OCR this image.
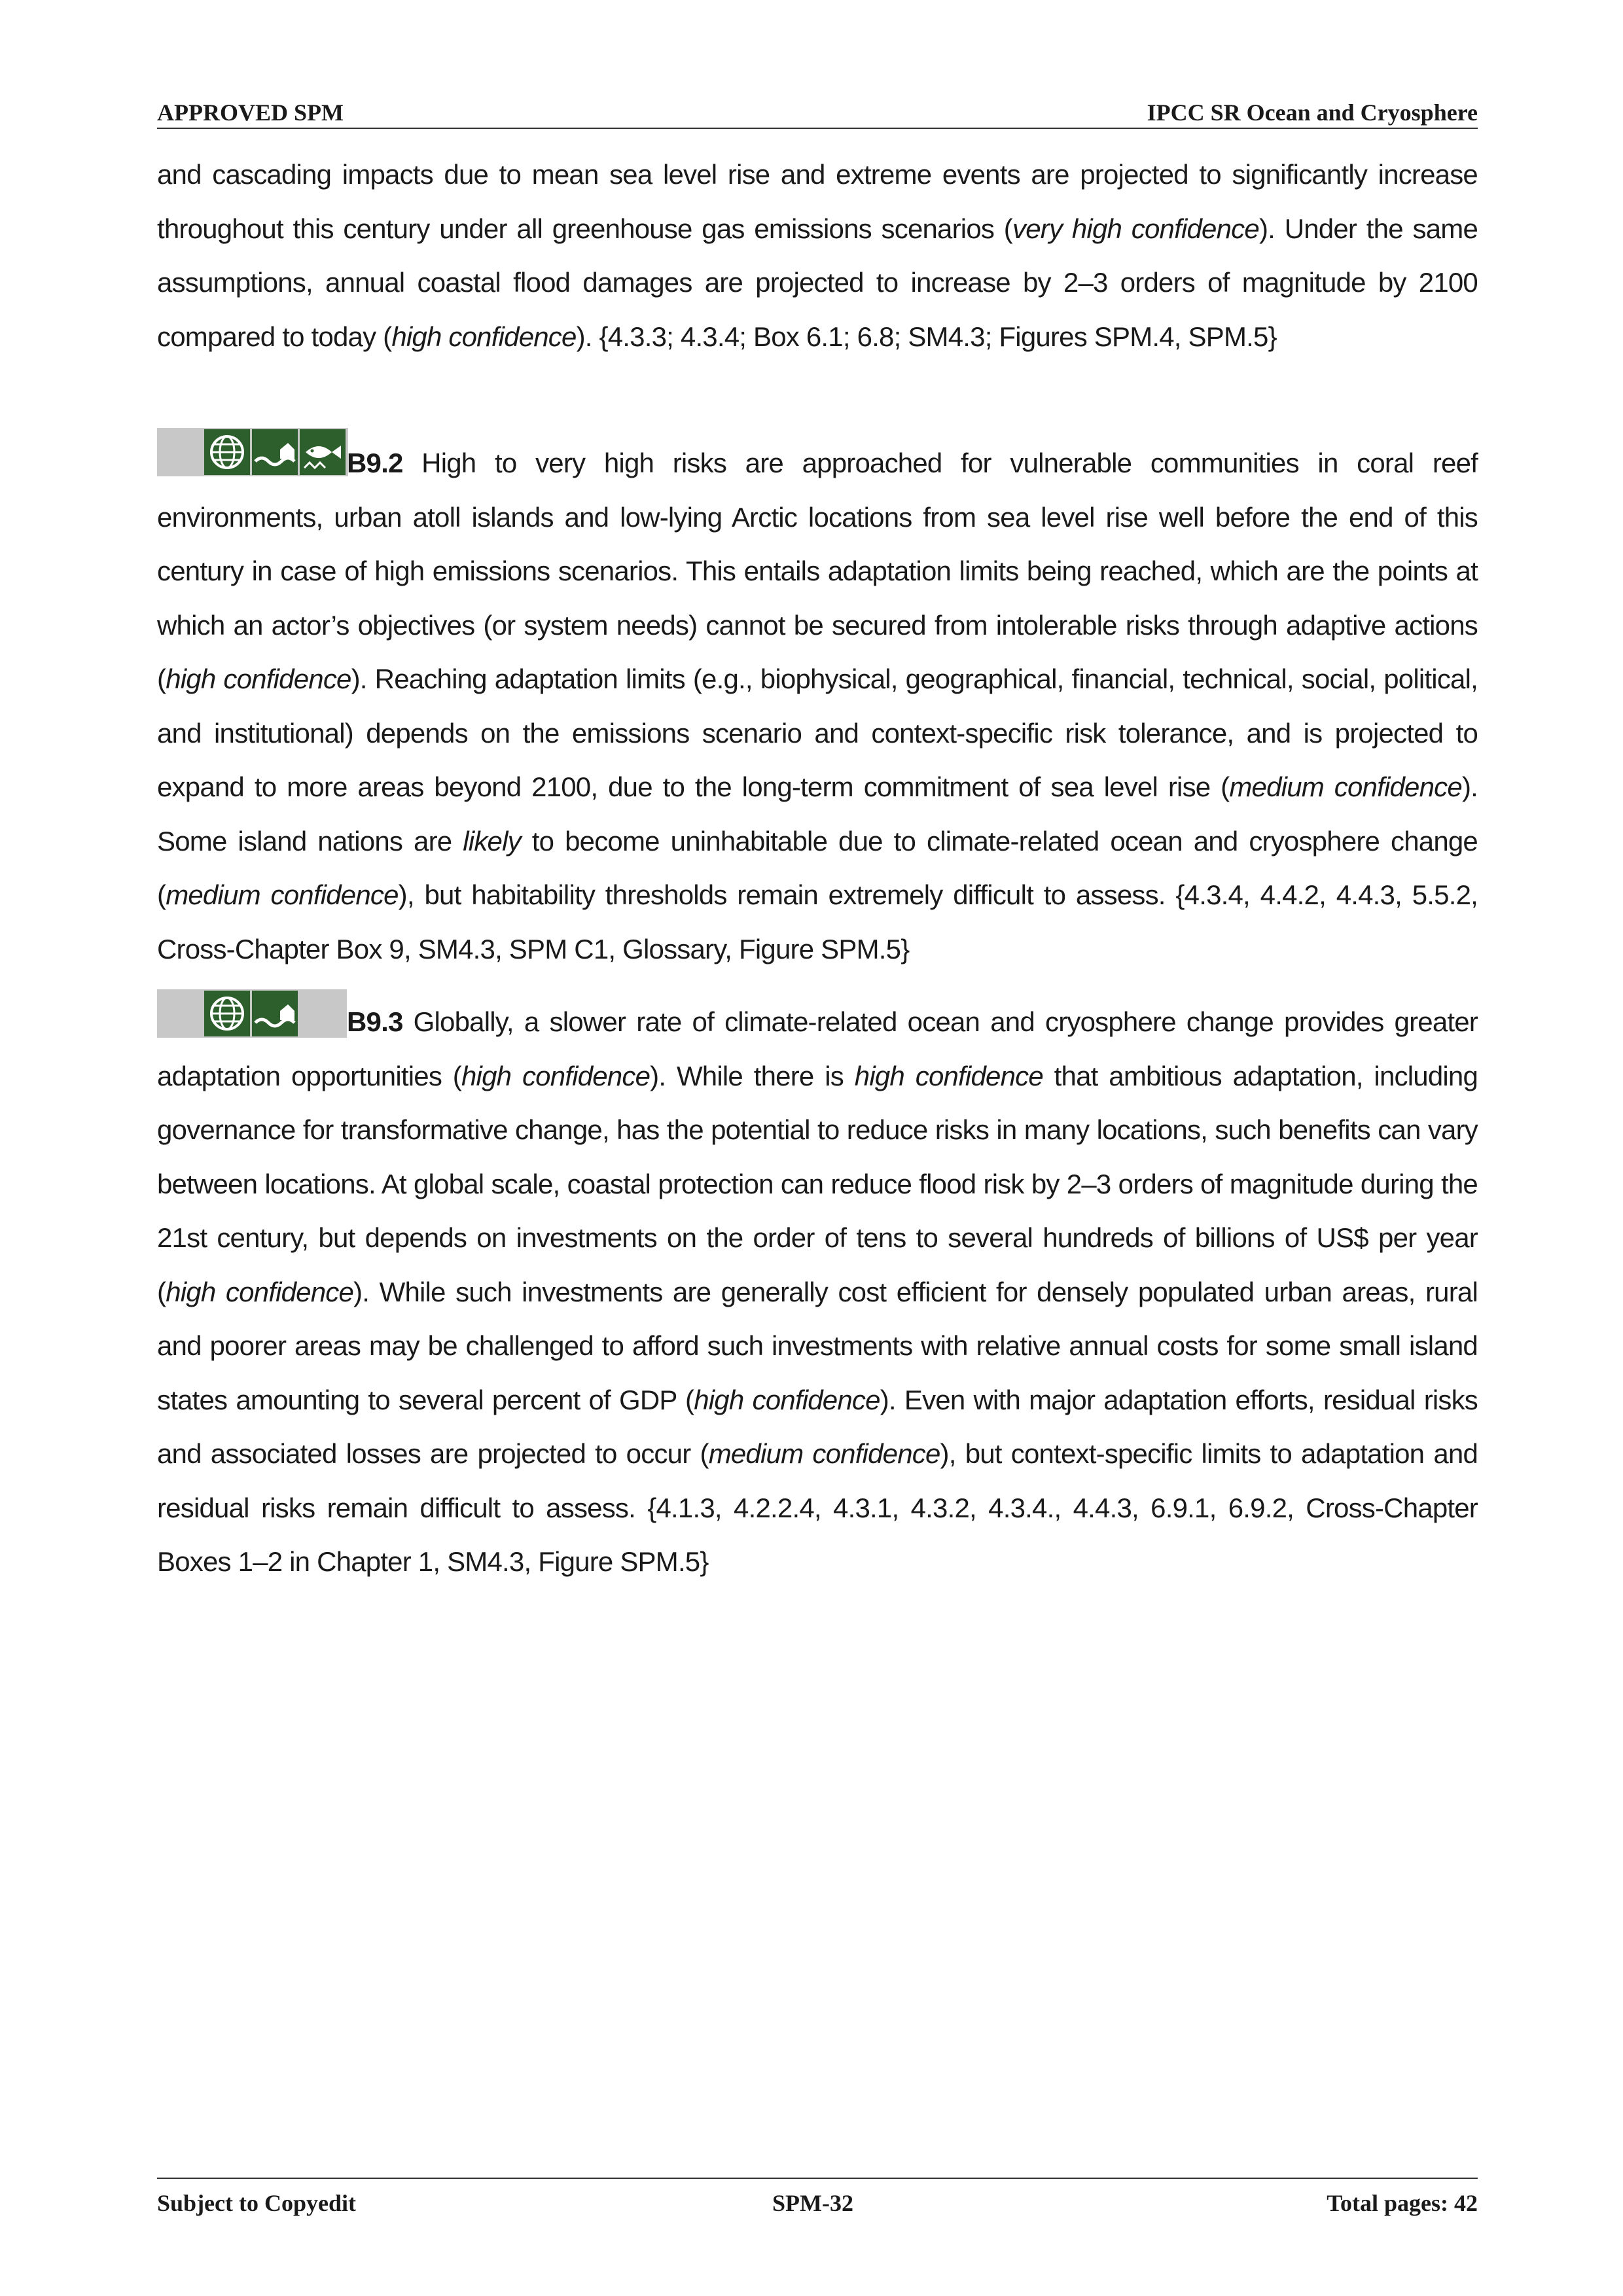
APPROVED SPM	IPCC SR Ocean and Cryosphere
and cascading impacts due to mean sea level rise and extreme events are projected to significantly increase throughout this century under all greenhouse gas emissions scenarios (very high confidence). Under the same assumptions, annual coastal flood damages are projected to increase by 2–3 orders of magnitude by 2100 compared to today (high confidence). {4.3.3; 4.3.4; Box 6.1; 6.8; SM4.3; Figures SPM.4, SPM.5}
B9.2 High to very high risks are approached for vulnerable communities in coral reef environments, urban atoll islands and low-lying Arctic locations from sea level rise well before the end of this century in case of high emissions scenarios. This entails adaptation limits being reached, which are the points at which an actor’s objectives (or system needs) cannot be secured from intolerable risks through adaptive actions (high confidence). Reaching adaptation limits (e.g., biophysical, geographical, financial, technical, social, political, and institutional) depends on the emissions scenario and context-specific risk tolerance, and is projected to expand to more areas beyond 2100, due to the long-term commitment of sea level rise (medium confidence). Some island nations are likely to become uninhabitable due to climate-related ocean and cryosphere change (medium confidence), but habitability thresholds remain extremely difficult to assess. {4.3.4, 4.4.2, 4.4.3, 5.5.2, Cross-Chapter Box 9, SM4.3, SPM C1, Glossary, Figure SPM.5}
B9.3 Globally, a slower rate of climate-related ocean and cryosphere change provides greater adaptation opportunities (high confidence). While there is high confidence that ambitious adaptation, including governance for transformative change, has the potential to reduce risks in many locations, such benefits can vary between locations. At global scale, coastal protection can reduce flood risk by 2–3 orders of magnitude during the 21st century, but depends on investments on the order of tens to several hundreds of billions of US$ per year (high confidence). While such investments are generally cost efficient for densely populated urban areas, rural and poorer areas may be challenged to afford such investments with relative annual costs for some small island states amounting to several percent of GDP (high confidence). Even with major adaptation efforts, residual risks and associated losses are projected to occur (medium confidence), but context-specific limits to adaptation and residual risks remain difficult to assess. {4.1.3, 4.2.2.4, 4.3.1, 4.3.2, 4.3.4., 4.4.3, 6.9.1, 6.9.2, Cross-Chapter Boxes 1–2 in Chapter 1, SM4.3, Figure SPM.5}
Subject to Copyedit	SPM-32	Total pages: 42
